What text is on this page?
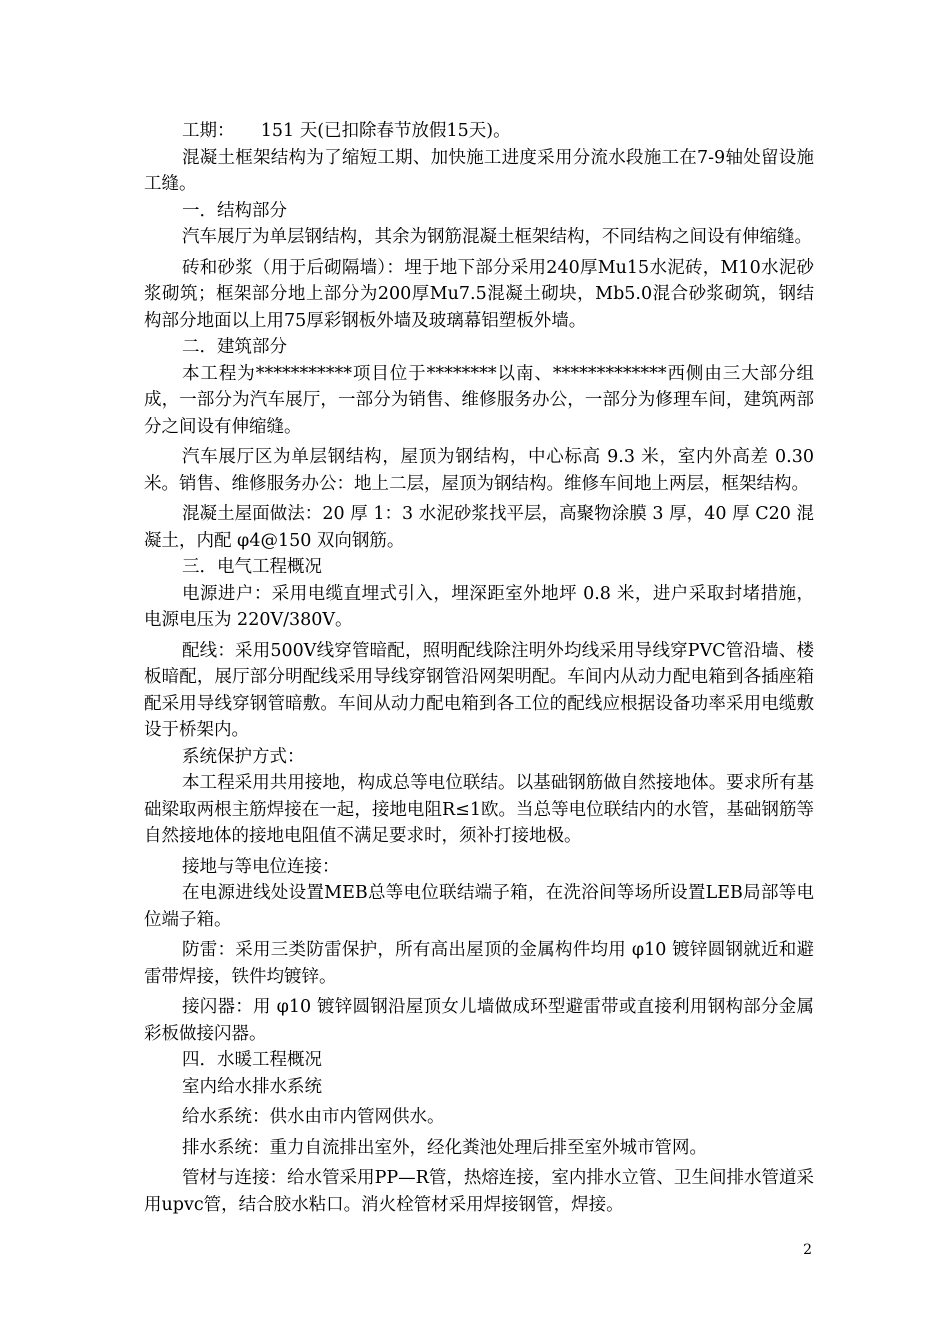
工期：　　151 天(已扣除春节放假15天)。

混凝土框架结构为了缩短工期、加快施工进度采用分流水段施工在7-9轴处留设施工缝。

一．结构部分

汽车展厅为单层钢结构，其余为钢筋混凝土框架结构，不同结构之间设有伸缩缝。

砖和砂浆（用于后砌隔墙）：埋于地下部分采用240厚Mu15水泥砖，M10水泥砂浆砌筑；框架部分地上部分为200厚Mu7.5混凝土砌块，Mb5.0混合砂浆砌筑，钢结构部分地面以上用75厚彩钢板外墙及玻璃幕铝塑板外墙。

二．建筑部分

本工程为***********项目位于********以南、*************西侧由三大部分组成，一部分为汽车展厅，一部分为销售、维修服务办公，一部分为修理车间，建筑两部分之间设有伸缩缝。

汽车展厅区为单层钢结构，屋顶为钢结构，中心标高 9.3 米，室内外高差 0.30 米。销售、维修服务办公：地上二层，屋顶为钢结构。维修车间地上两层，框架结构。

混凝土屋面做法：20 厚 1：3 水泥砂浆找平层，高聚物涂膜 3 厚，40 厚 C20 混凝土，内配 φ4@150 双向钢筋。

三．电气工程概况

电源进户：采用电缆直埋式引入，埋深距室外地坪 0.8 米，进户采取封堵措施，电源电压为 220V/380V。

配线：采用500V线穿管暗配，照明配线除注明外均线采用导线穿PVC管沿墙、楼板暗配，展厅部分明配线采用导线穿钢管沿网架明配。车间内从动力配电箱到各插座箱配采用导线穿钢管暗敷。车间从动力配电箱到各工位的配线应根据设备功率采用电缆敷设于桥架内。

系统保护方式：

本工程采用共用接地，构成总等电位联结。以基础钢筋做自然接地体。要求所有基础梁取两根主筋焊接在一起，接地电阻R≤1欧。当总等电位联结内的水管，基础钢筋等自然接地体的接地电阻值不满足要求时，须补打接地极。

接地与等电位连接：

在电源进线处设置MEB总等电位联结端子箱，在洗浴间等场所设置LEB局部等电位端子箱。

防雷：采用三类防雷保护，所有高出屋顶的金属构件均用 φ10 镀锌圆钢就近和避雷带焊接，铁件均镀锌。

接闪器：用 φ10 镀锌圆钢沿屋顶女儿墙做成环型避雷带或直接利用钢构部分金属彩板做接闪器。

四．水暖工程概况

室内给水排水系统

给水系统：供水由市内管网供水。

排水系统：重力自流排出室外，经化粪池处理后排至室外城市管网。

管材与连接：给水管采用PP—R管，热熔连接，室内排水立管、卫生间排水管道采用upvc管，结合胶水粘口。消火栓管材采用焊接钢管，焊接。

2
